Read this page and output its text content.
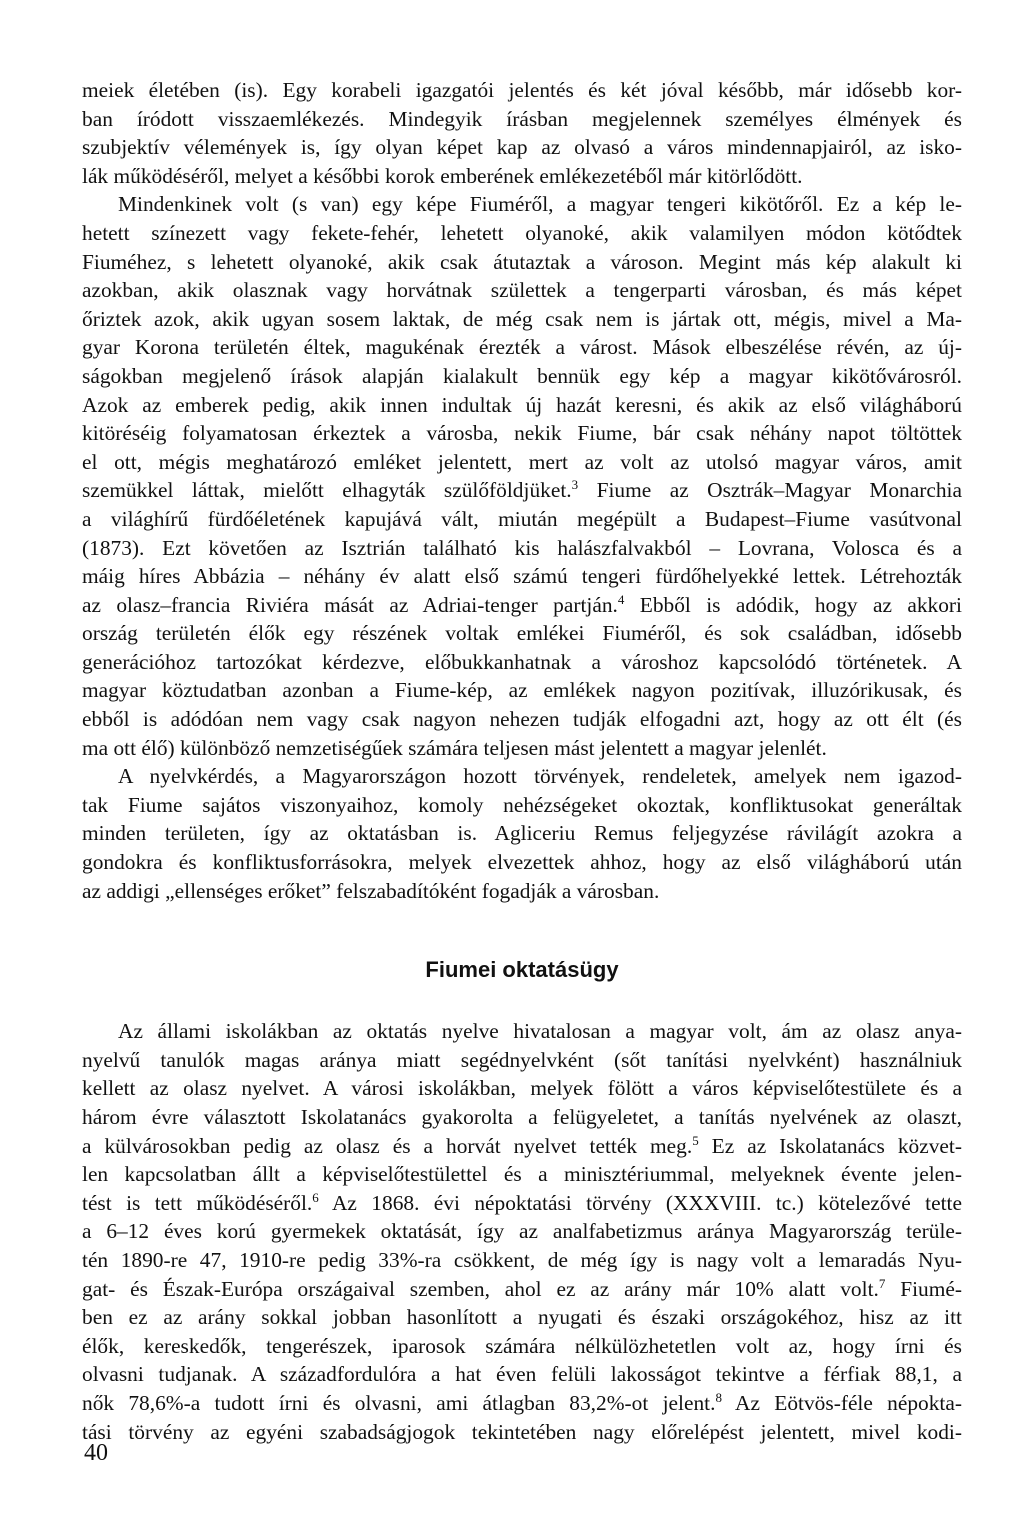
meiek életében (is). Egy korabeli igazgatói jelentés és két jóval később, már idősebb kor-
ban íródott visszaemlékezés. Mindegyik írásban megjelennek személyes élmények és
szubjektív vélemények is, így olyan képet kap az olvasó a város mindennapjairól, az isko-
lák működéséről, melyet a későbbi korok emberének emlékezetéből már kitörlődött.
Mindenkinek volt (s van) egy képe Fiuméről, a magyar tengeri kikötőről. Ez a kép le-
hetett színezett vagy fekete-fehér, lehetett olyanoké, akik valamilyen módon kötődtek
Fiuméhez, s lehetett olyanoké, akik csak átutaztak a városon. Megint más kép alakult ki
azokban, akik olasznak vagy horvátnak születtek a tengerparti városban, és más képet
őriztek azok, akik ugyan sosem laktak, de még csak nem is jártak ott, mégis, mivel a Ma-
gyar Korona területén éltek, magukénak érezték a várost. Mások elbeszélése révén, az új-
ságokban megjelenő írások alapján kialakult bennük egy kép a magyar kikötővárosról.
Azok az emberek pedig, akik innen indultak új hazát keresni, és akik az első világháború
kitöréséig folyamatosan érkeztek a városba, nekik Fiume, bár csak néhány napot töltöttek
el ott, mégis meghatározó emléket jelentett, mert az volt az utolsó magyar város, amit
szemükkel láttak, mielőtt elhagyták szülőföldjüket.$^3$ Fiume az Osztrák–Magyar Monarchia
a világhírű fürdőéletének kapujává vált, miután megépült a Budapest–Fiume vasútvonal
(1873). Ezt követően az Isztrián található kis halászfalvakból – Lovrana, Volosca és a
máig híres Abbázia – néhány év alatt első számú tengeri fürdőhelyekké lettek. Létrehozták
az olasz–francia Riviéra mását az Adriai-tenger partján.$^4$ Ebből is adódik, hogy az akkori
ország területén élők egy részének voltak emlékei Fiuméről, és sok családban, idősebb
generációhoz tartozókat kérdezve, előbukkanhatnak a városhoz kapcsolódó történetek. A
magyar köztudatban azonban a Fiume-kép, az emlékek nagyon pozitívak, illuzórikusak, és
ebből is adódóan nem vagy csak nagyon nehezen tudják elfogadni azt, hogy az ott élt (és
ma ott élő) különböző nemzetiségűek számára teljesen mást jelentett a magyar jelenlét.
A nyelvkérdés, a Magyarországon hozott törvények, rendeletek, amelyek nem igazod-
tak Fiume sajátos viszonyaihoz, komoly nehézségeket okoztak, konfliktusokat generáltak
minden területen, így az oktatásban is. Agliceriu Remus feljegyzése rávilágít azokra a
gondokra és konfliktusforrásokra, melyek elvezettek ahhoz, hogy az első világháború után
az addigi „ellenséges erőket” felszabadítóként fogadják a városban.
Fiumei oktatásügy
Az állami iskolákban az oktatás nyelve hivatalosan a magyar volt, ám az olasz anya-
nyelvű tanulók magas aránya miatt segédnyelvként (sőt tanítási nyelvként) használniuk
kellett az olasz nyelvet. A városi iskolákban, melyek fölött a város képviselőtestülete és a
három évre választott Iskolatanács gyakorolta a felügyeletet, a tanítás nyelvének az olaszt,
a külvárosokban pedig az olasz és a horvát nyelvet tették meg.$^5$ Ez az Iskolatanács közvet-
len kapcsolatban állt a képviselőtestülettel és a minisztériummal, melyeknek évente jelen-
tést is tett működéséről.$^6$ Az 1868. évi népoktatási törvény (XXXVIII. tc.) kötelezővé tette
a 6–12 éves korú gyermekek oktatását, így az analfabetizmus aránya Magyarország terüle-
tén 1890-re 47, 1910-re pedig 33%-ra csökkent, de még így is nagy volt a lemaradás Nyu-
gat- és Észak-Európa országaival szemben, ahol ez az arány már 10% alatt volt.$^7$ Fiumé-
ben ez az arány sokkal jobban hasonlított a nyugati és északi országokéhoz, hisz az itt
élők, kereskedők, tengerészek, iparosok számára nélkülözhetetlen volt az, hogy írni és
olvasni tudjanak. A századfordulóra a hat éven felüli lakosságot tekintve a férfiak 88,1, a
nők 78,6%-a tudott írni és olvasni, ami átlagban 83,2%-ot jelent.$^8$ Az Eötvös-féle népokta-
tási törvény az egyéni szabadságjogok tekintetében nagy előrelépést jelentett, mivel kodi-
40
